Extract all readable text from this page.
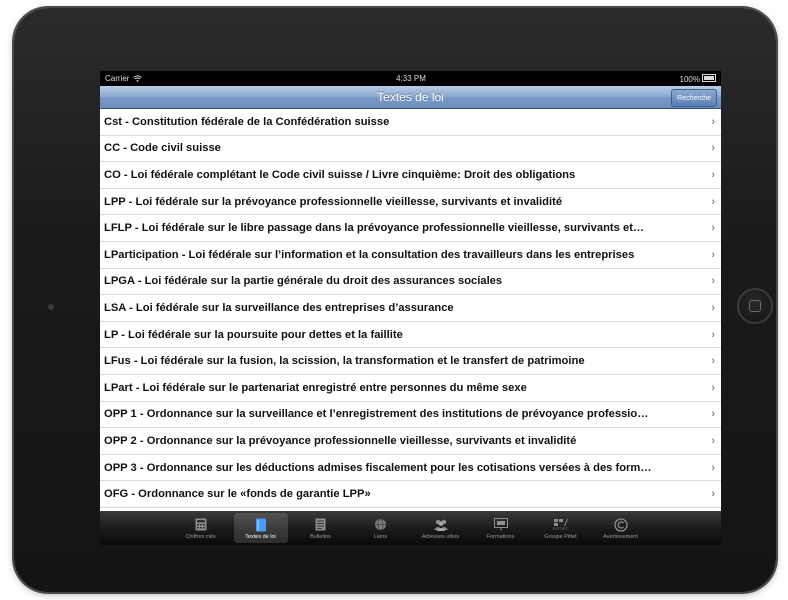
Carrier	4:33 PM	100%
Textes de loi	Recherche
Cst - Constitution fédérale de la Confédération suisse	›
CC - Code civil suisse	›
CO - Loi fédérale complétant le Code civil suisse / Livre cinquième: Droit des obligations	›
LPP - Loi fédérale sur la prévoyance professionnelle vieillesse, survivants et invalidité	›
LFLP - Loi fédérale sur le libre passage dans la prévoyance professionnelle vieillesse, survivants et…	›
LParticipation - Loi fédérale sur l’information et la consultation des travailleurs dans les entreprises	›
LPGA - Loi fédérale sur la partie générale du droit des assurances sociales	›
LSA - Loi fédérale sur la surveillance des entreprises d’assurance	›
LP - Loi fédérale sur la poursuite pour dettes et la faillite	›
LFus - Loi fédérale sur la fusion, la scission, la transformation et le transfert de patrimoine	›
LPart - Loi fédérale sur le partenariat enregistré entre personnes du même sexe	›
OPP 1 - Ordonnance sur la surveillance et l’enregistrement des institutions de prévoyance professio…	›
OPP 2 - Ordonnance sur la prévoyance professionnelle vieillesse, survivants et invalidité	›
OPP 3 - Ordonnance sur les déductions admises fiscalement pour les cotisations versées à des form…	›
OFG - Ordonnance sur le «fonds de garantie LPP»	›
Chiffres clés	Textes de loi	Bulletins	Liens	Adresses utiles	Formations
PITTET
Groupe Pittet	Avertissement
